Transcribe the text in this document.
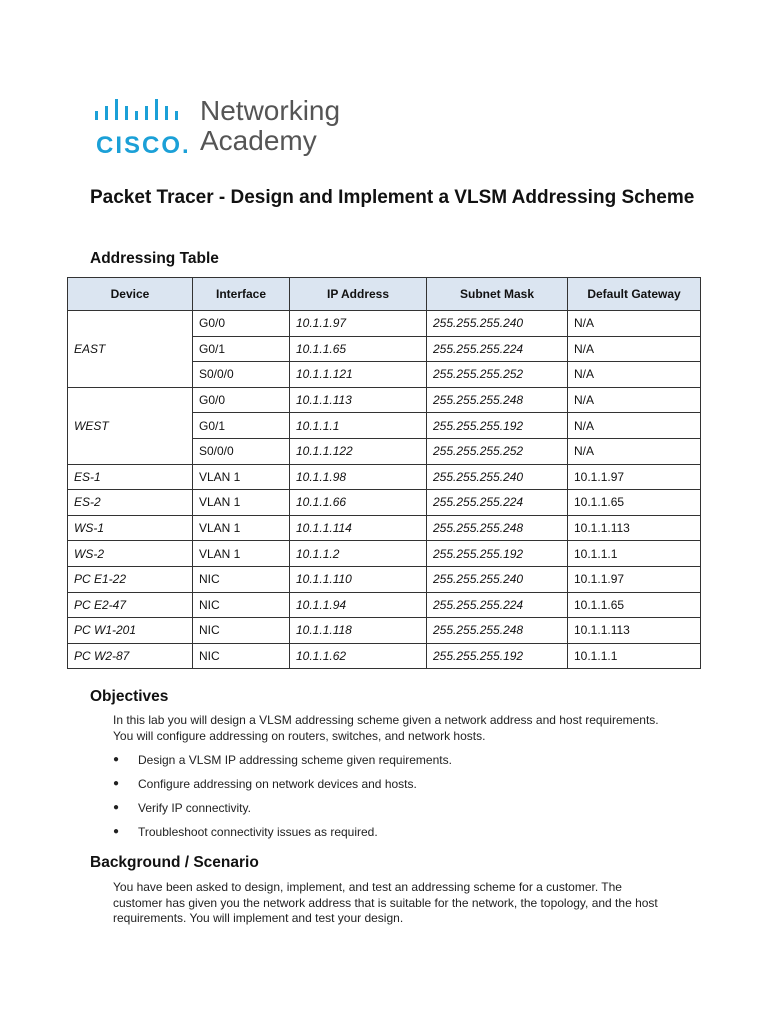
CISCO.
Networking
Academy
Packet Tracer - Design and Implement a VLSM Addressing Scheme
Addressing Table
Device	Interface	IP Address	Subnet Mask	Default Gateway
EAST	G0/0	10.1.1.97	255.255.255.240	N/A
	G0/1	10.1.1.65	255.255.255.224	N/A
	S0/0/0	10.1.1.121	255.255.255.252	N/A
WEST	G0/0	10.1.1.113	255.255.255.248	N/A
	G0/1	10.1.1.1	255.255.255.192	N/A
	S0/0/0	10.1.1.122	255.255.255.252	N/A
ES-1	VLAN 1	10.1.1.98	255.255.255.240	10.1.1.97
ES-2	VLAN 1	10.1.1.66	255.255.255.224	10.1.1.65
WS-1	VLAN 1	10.1.1.114	255.255.255.248	10.1.1.113
WS-2	VLAN 1	10.1.1.2	255.255.255.192	10.1.1.1
PC E1-22	NIC	10.1.1.110	255.255.255.240	10.1.1.97
PC E2-47	NIC	10.1.1.94	255.255.255.224	10.1.1.65
PC W1-201	NIC	10.1.1.118	255.255.255.248	10.1.1.113
PC W2-87	NIC	10.1.1.62	255.255.255.192	10.1.1.1
Objectives

In this lab you will design a VLSM addressing scheme given a network address and host requirements. You will configure addressing on routers, switches, and network hosts.

●	Design a VLSM IP addressing scheme given requirements.
●	Configure addressing on network devices and hosts.
●	Verify IP connectivity.
●	Troubleshoot connectivity issues as required.
Background / Scenario

You have been asked to design, implement, and test an addressing scheme for a customer. The customer has given you the network address that is suitable for the network, the topology, and the host requirements. You will implement and test your design.
